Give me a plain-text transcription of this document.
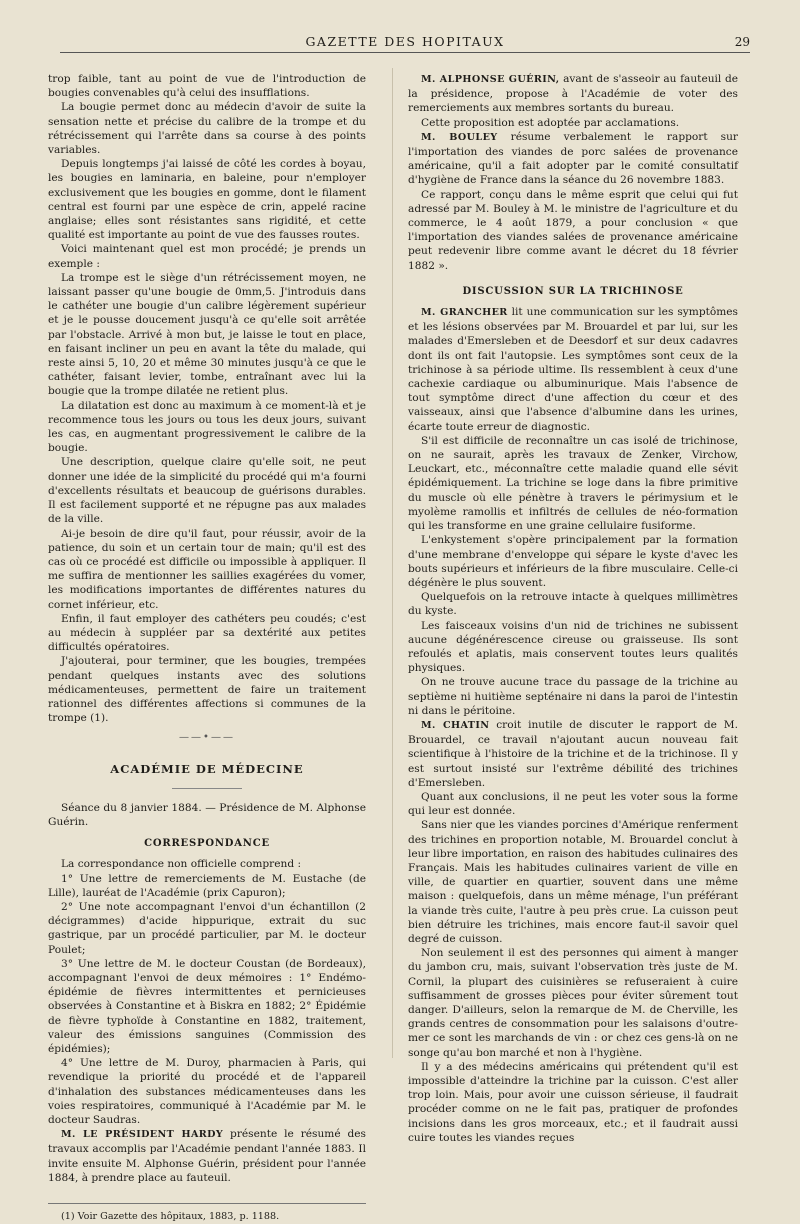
GAZETTE DES HOPITAUX	29

trop faible, tant au point de vue de l'introduction de bougies convenables qu'à celui des insufflations.

La bougie permet donc au médecin d'avoir de suite la sensation nette et précise du calibre de la trompe et du rétrécissement qui l'arrête dans sa course à des points variables.

Depuis longtemps j'ai laissé de côté les cordes à boyau, les bougies en laminaria, en baleine, pour n'employer exclusivement que les bougies en gomme, dont le filament central est fourni par une espèce de crin, appelé racine anglaise; elles sont résistantes sans rigidité, et cette qualité est importante au point de vue des fausses routes.

Voici maintenant quel est mon procédé; je prends un exemple :

La trompe est le siège d'un rétrécissement moyen, ne laissant passer qu'une bougie de 0mm,5. J'introduis dans le cathéter une bougie d'un calibre légèrement supérieur et je le pousse doucement jusqu'à ce qu'elle soit arrêtée par l'obstacle. Arrivé à mon but, je laisse le tout en place, en faisant incliner un peu en avant la tête du malade, qui reste ainsi 5, 10, 20 et même 30 minutes jusqu'à ce que le cathéter, faisant levier, tombe, entraînant avec lui la bougie que la trompe dilatée ne retient plus.

La dilatation est donc au maximum à ce moment-là et je recommence tous les jours ou tous les deux jours, suivant les cas, en augmentant progressivement le calibre de la bougie.

Une description, quelque claire qu'elle soit, ne peut donner une idée de la simplicité du procédé qui m'a fourni d'excellents résultats et beaucoup de guérisons durables. Il est facilement supporté et ne répugne pas aux malades de la ville.

Ai-je besoin de dire qu'il faut, pour réussir, avoir de la patience, du soin et un certain tour de main; qu'il est des cas où ce procédé est difficile ou impossible à appliquer. Il me suffira de mentionner les saillies exagérées du vomer, les modifications importantes de différentes natures du cornet inférieur, etc.

Enfin, il faut employer des cathéters peu coudés; c'est au médecin à suppléer par sa dextérité aux petites difficultés opératoires.

J'ajouterai, pour terminer, que les bougies, trempées pendant quelques instants avec des solutions médicamenteuses, permettent de faire un traitement rationnel des différentes affections si communes de la trompe (1).

——•——
ACADÉMIE DE MÉDECINE

Séance du 8 janvier 1884. — Présidence de M. Alphonse Guérin.

CORRESPONDANCE

La correspondance non officielle comprend :

1° Une lettre de remerciements de M. Eustache (de Lille), lauréat de l'Académie (prix Capuron);

2° Une note accompagnant l'envoi d'un échantillon (2 décigrammes) d'acide hippurique, extrait du suc gastrique, par un procédé particulier, par M. le docteur Poulet;

3° Une lettre de M. le docteur Coustan (de Bordeaux), accompagnant l'envoi de deux mémoires : 1° Endémo-épidémie de fièvres intermittentes et pernicieuses observées à Constantine et à Biskra en 1882; 2° Épidémie de fièvre typhoïde à Constantine en 1882, traitement, valeur des émissions sanguines (Commission des épidémies);

4° Une lettre de M. Duroy, pharmacien à Paris, qui revendique la priorité du procédé et de l'appareil d'inhalation des substances médicamenteuses dans les voies respiratoires, communiqué à l'Académie par M. le docteur Saudras.

M. LE PRÉSIDENT HARDY présente le résumé des travaux accomplis par l'Académie pendant l'année 1883. Il invite ensuite M. Alphonse Guérin, président pour l'année 1884, à prendre place au fauteuil.

(1) Voir Gazette des hôpitaux, 1883, p. 1188.

M. ALPHONSE GUÉRIN, avant de s'asseoir au fauteuil de la présidence, propose à l'Académie de voter des remerciements aux membres sortants du bureau.

Cette proposition est adoptée par acclamations.

M. BOULEY résume verbalement le rapport sur l'importation des viandes de porc salées de provenance américaine, qu'il a fait adopter par le comité consultatif d'hygiène de France dans la séance du 26 novembre 1883.

Ce rapport, conçu dans le même esprit que celui qui fut adressé par M. Bouley à M. le ministre de l'agriculture et du commerce, le 4 août 1879, a pour conclusion « que l'importation des viandes salées de provenance américaine peut redevenir libre comme avant le décret du 18 février 1882 ».

DISCUSSION SUR LA TRICHINOSE

M. GRANCHER lit une communication sur les symptômes et les lésions observées par M. Brouardel et par lui, sur les malades d'Emersleben et de Deesdorf et sur deux cadavres dont ils ont fait l'autopsie. Les symptômes sont ceux de la trichinose à sa période ultime. Ils ressemblent à ceux d'une cachexie cardiaque ou albuminurique. Mais l'absence de tout symptôme direct d'une affection du cœur et des vaisseaux, ainsi que l'absence d'albumine dans les urines, écarte toute erreur de diagnostic.

S'il est difficile de reconnaître un cas isolé de trichinose, on ne saurait, après les travaux de Zenker, Virchow, Leuckart, etc., méconnaître cette maladie quand elle sévit épidémiquement. La trichine se loge dans la fibre primitive du muscle où elle pénètre à travers le périmysium et le myolème ramollis et infiltrés de cellules de néo-formation qui les transforme en une graine cellulaire fusiforme.

L'enkystement s'opère principalement par la formation d'une membrane d'enveloppe qui sépare le kyste d'avec les bouts supérieurs et inférieurs de la fibre musculaire. Celle-ci dégénère le plus souvent.

Quelquefois on la retrouve intacte à quelques millimètres du kyste.

Les faisceaux voisins d'un nid de trichines ne subissent aucune dégénérescence cireuse ou graisseuse. Ils sont refoulés et aplatis, mais conservent toutes leurs qualités physiques.

On ne trouve aucune trace du passage de la trichine au septième ni huitième septénaire ni dans la paroi de l'intestin ni dans le péritoine.

M. CHATIN croit inutile de discuter le rapport de M. Brouardel, ce travail n'ajoutant aucun nouveau fait scientifique à l'histoire de la trichine et de la trichinose. Il y est surtout insisté sur l'extrême débilité des trichines d'Emersleben.

Quant aux conclusions, il ne peut les voter sous la forme qui leur est donnée.

Sans nier que les viandes porcines d'Amérique renferment des trichines en proportion notable, M. Brouardel conclut à leur libre importation, en raison des habitudes culinaires des Français. Mais les habitudes culinaires varient de ville en ville, de quartier en quartier, souvent dans une même maison : quelquefois, dans un même ménage, l'un préférant la viande très cuite, l'autre à peu près crue. La cuisson peut bien détruire les trichines, mais encore faut-il savoir quel degré de cuisson.

Non seulement il est des personnes qui aiment à manger du jambon cru, mais, suivant l'observation très juste de M. Cornil, la plupart des cuisinières se refuseraient à cuire suffisamment de grosses pièces pour éviter sûrement tout danger. D'ailleurs, selon la remarque de M. de Cherville, les grands centres de consommation pour les salaisons d'outre-mer ce sont les marchands de vin : or chez ces gens-là on ne songe qu'au bon marché et non à l'hygiène.

Il y a des médecins américains qui prétendent qu'il est impossible d'atteindre la trichine par la cuisson. C'est aller trop loin. Mais, pour avoir une cuisson sérieuse, il faudrait procéder comme on ne le fait pas, pratiquer de profondes incisions dans les gros morceaux, etc.; et il faudrait aussi cuire toutes les viandes reçues
